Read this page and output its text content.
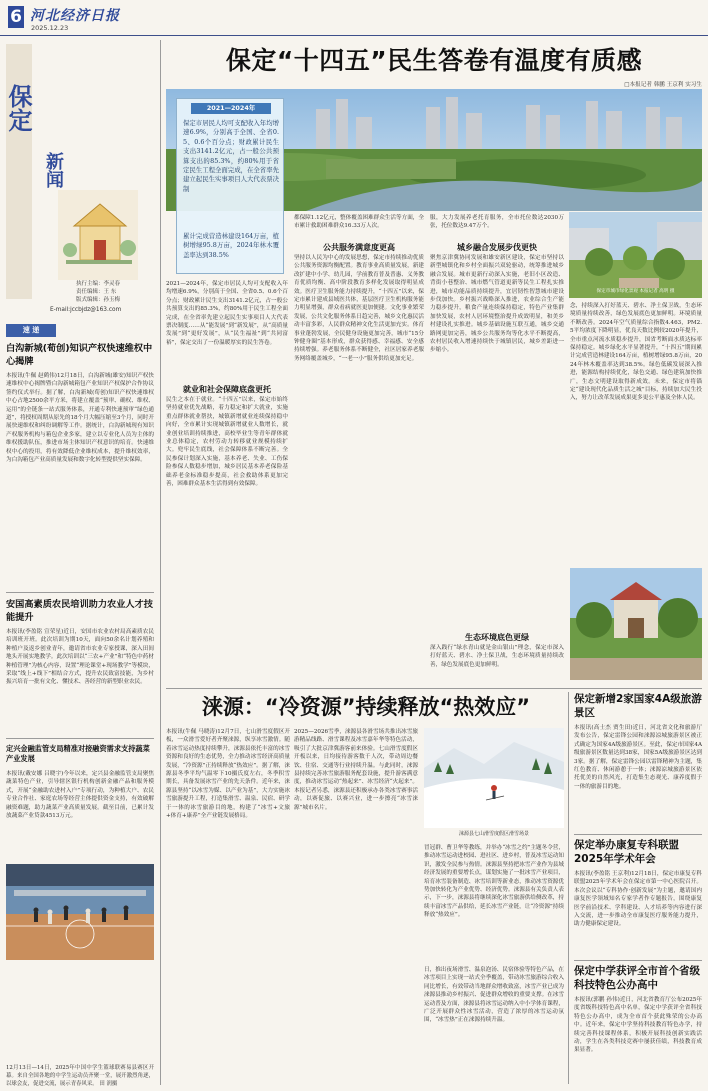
6 河北经济日报
2025.12.23
保定
新闻
执行主编：李灵春
责任编辑：王 东
版式编辑：孙玉梅
E-mail:jccbjdz@163.com
速 递
白沟新城(荀创)知识产权快速维权中心揭牌
本报讯(牛佩 赵鹤伟)12月18日，白沟新城(雄安)知识产权快速维权中心揭牌暨白沟新城箱包产业知识产权保护合作协议签约仪式举行。据了解，白沟新城(荀创)知识产权快速维权中心占地2500余平方米，将建立覆盖“预审、确权、维权、运用”的全链条一站式服务体系，开通专利快速预审“绿色通道”，将授权周期从原先的18个月大幅压缩至3个月，同时开展快速维权和纠纷调解等工作。据统计，白沟新城现有知识产权服务机构与箱包企业多家，建立以专业化人员为主体的维权援助队伍，推进市场主体知识产权意识的培育。快速维权中心的投用，将有效降低企业维权成本，提升维权效率，为白沟箱包产业高质量发展和数字化转型提供坚实保障。
安国高素质农民培训助力农业人才技能提升
本报讯(李盈铭 宣荣星)近日，安国市农业农村局高素质农民培训班开班。此次培训为期10天，面向50余名计划养殖和种植户及返乡创业青年，邀请省市农业专家授课，深入田间地头开展实地教学。此次培训以“三农+产业”和“特色中药材种植管理”为核心内容，设置“理论课堂+现场教学”等模块，采取“线上+线下”相结合方式，提升农民致富技能，为乡村振兴培育一批有文化、懂技术、善经营的新型职业农民。
定兴金融监管支局精准对接融资需求支持蔬菜产业发展
本报讯(戴安娜 吕晓宇)今年以来，定兴县金融监管支局聚焦蔬菜特色产业，引导辖区银行机构创新金融产品和服务模式，开展“金融助农进村入户”专项行动，为种植大户、农民专业合作社、家庭农场等经营主体提供资金支持，有效破解融资难题，助力蔬菜产业高质量发展。截至目前，已累计发放蔬菜产业贷款4513万元。
12月13日—14日，2025年中国中学生篮球联赛易县赛区开幕。来自全国各地的中学生运动员齐聚一堂，展开激烈角逐，以球会友，促进交流，展示青春风采。 田 润摄
保定“十四五”民生答卷有温度有质感
□本报记者 韩鹏 王京利 实习生
2021—2024年
保定市居民人均可支配收入年均增速6.9%，分别高于全国、全省0.5、0.6个百分点；财政累计民生支出3141.2亿元，占一般公共预算支出的85.3%，约80%用于省定民生工程全面完成，在全省率先建立起民生实事项目人大代表票决制
累计完成营造林建设164万亩，植树增绿95.8万亩，2024年林木覆盖率达到38.5%
保定市城市绿化景观 本报记者 高明 摄
2021—2024年，保定市居民人均可支配收入年均增速6.9%，分别高于全国、全省0.5、0.6个百分点；财政累计民生支出3141.2亿元，占一般公共预算支出的85.3%，约80%用于民生工程全面完成，在全省率先建立起民生实事项目人大代表票决制度……从“能发展”到“新发展”，从“高质量发展”到“更好发展”，从“民生福祉”到“共同富裕”，保定交出了一份温暖厚实的民生答卷。
就业和社会保障底盘更托
民生之本在于就业。“十四五”以来，保定市始终坚持就业优先战略，着力稳定和扩大就业，实施重点群体就业帮扶，城镇新增就业连续保持稳中向好，全市累计实现城镇新增就业人数增长，就业创业培训持续推进，高校毕业生等青年群体就业总体稳定，农村劳动力转移就业规模持续扩大。兜牢民生底线，社会保障体系不断完善。全民参保计划深入实施，基本养老、失业、工伤保险参保人数稳步增加，城乡居民基本养老保险基础养老金标准稳步提高，社会救助体系更加完善，困难群众基本生活得到有效保障。
都保障1.12亿元，整体覆盖困难群众生活等方面，全市累计救助困难群众16.33万人次。
公共服务满意度更高
坚持以人民为中心的发展思想，保定市持续推动优质公共服务资源均衡配置。教育事业高质量发展，新建改扩建中小学、幼儿园，学前教育普及普惠、义务教育优质均衡、高中阶段教育多样化发展取得明显成效。医疗卫生服务能力持续提升，“十四五”以来，保定市累计建成县域医共体，基层医疗卫生机构服务能力明显增强，群众看病就医更加便捷。文化事业繁荣发展，公共文化服务体系日趋完善，城乡文化惠民活动丰富多彩，人民群众精神文化生活更加充实。体育事业蓬勃发展，全民健身设施更加完善，城市“15分钟健身圈”基本形成，群众获得感、幸福感、安全感持续增强。养老服务体系不断健全，社区居家养老服务网络覆盖城乡，“一老一小”服务供给更加充足。
服，大力发展养老托育服务，全市托位数达2030万张，托位数达9.47万个。
城乡融合发展步伐更快
聚焦京津冀协同发展和雄安新区建设，保定市坚持以新型城镇化和乡村全面振兴双轮驱动，统筹推进城乡融合发展。城市更新行动深入实施，老旧小区改造、背街小巷整治、城市燃气管道更新等民生工程扎实推进，城市功能品质持续提升，宜居韧性智慧城市建设步伐加快。乡村振兴战略深入推进，农业综合生产能力稳步提升，粮食产量连续保持稳定，特色产业集群加快发展，农村人居环境整治提升成效明显，和美乡村建设扎实推进。城乡基础设施互联互通，城乡交通路网更加完善，城乡公共服务均等化水平不断提高，农村居民收入增速持续快于城镇居民，城乡差距进一步缩小。
生态环境底色更绿
深入践行“绿水青山就是金山银山”理念，保定市深入打好蓝天、碧水、净土保卫战，生态环境质量持续改善，绿色发展底色更加鲜明。
念，持续深入打好蓝天、碧水、净土保卫战，生态环境质量持续改善，绿色发展底色更加鲜明。环境质量不断改善。2024年空气质量综合指数4.463，PM2.5平均浓度下降明显，优良天数比例较2020年提升，全市重点河流水质稳步提升，国省考断面水质达标率保持稳定。城乡绿化水平显著提升，“十四五”期间累计完成营造林建设164万亩，植树增绿95.8万亩，2024年林木覆盖率达到38.5%。绿色低碳发展深入推进，能源结构持续优化，绿色交通、绿色建筑加快推广，生态文明建设取得新成效。未来，保定市将锚定“建设现代化品质生活之城”目标，持续加大民生投入，努力让改革发展成果更多更公平惠及全体人民。
涞源：“冷资源”持续释放“热效应”
本报讯(牛佩 马晓涛)12月7日，七山滑雪度假区开板，一众滑雪爱好者齐聚涞源，纵享冰雪激情。随着冰雪运动热度持续攀升，涞源县依托丰富的冰雪资源和良好的生态优势，全力推动冰雪经济高质量发展，“冷资源”正持续释放“热效应”。据了解，涞源县冬季平均气温零下10摄氏度左右，冬季积雪期长，具备发展冰雪产业的先天条件。近年来，涞源县坚持“以冰雪为媒、以产业为基”，大力实施冰雪旅游提升工程，打造集滑雪、温泉、民宿、研学于一体的冰雪旅游目的地，构建了“冰雪+文旅+体育+康养”全产业链发展格局。
2025—2026雪季，涞源县各滑雪场共推出冰雪旅游精品线路、滑雪课程及冰雪嘉年华等特色活动，吸引了大批京津冀游客前来体验。七山滑雪度假区开板以来，日均接待游客数千人次，带动周边餐饮、住宿、交通等行业持续升温。与此同时，涞源县持续完善冰雪旅游服务配套设施，提升游客满意度，推动冰雪运动“热起来”、冰雪经济“火起来”。本报记者另悉，涞源县还积极承办各类冰雪赛事活动，以赛促旅、以赛兴业，进一步擦亮“冰雪涞源”城市名片。
涞源县七山滑雪度假区滑雪场景
冒冠群、曹卫华等教练，并举办“冰雪之约”主题冬令营，推动冰雪运动进校园、进社区、进乡村，普及冰雪运动知识，激发全民参与热情。涞源县坚持把冰雪产业作为县域经济发展的重要增长点，谋划实施了一批冰雪产业项目，培育冰雪装备制造、冰雪培训等新业态，推动冰雪资源优势加快转化为产业优势、经济优势。涞源县有关负责人表示，下一步，涞源县将继续深化冰雪旅游供给侧改革，持续丰富冰雪产品供给，延长冰雪产业链，让“冷资源”持续释放“热效应”。
日，推出夜场滑雪、温泉泡汤、民宿体验等特色产品，在冰雪项目上实现一站式全季覆盖，带动冰雪旅游综合收入同比增长，有效带动当地群众增收致富，冰雪产业已成为涞源县推动乡村振兴、促进群众增收的重要支撑。在冰雪运动普及方面，涞源县将冰雪运动纳入中小学体育课程，广泛开展群众性冰雪活动，营造了浓厚的冰雪运动氛围，“冰雪热”正在涞源持续升温。
保定新增2家国家4A级旅游景区
本报讯(高士杰 贾生田)近日，河北省文化和旅游厅发布公告，保定雷锋公园和涞源凉城旅游景区被正式确定为国家4A级旅游景区。至此，保定市国家4A级旅游景区数量达到38家，国家5A级旅游景区达到3家。据了解，保定雷锋公园以雷锋精神为主题，集红色教育、休闲游憩于一体；涞源凉城旅游景区依托优美的自然风光，打造集生态观光、康养度假于一体的旅游目的地。
保定举办康复专科联盟2025年学术年会
本报讯(李盈铭 王京利)12月18日，保定市康复专科联盟2025年学术年会在保定市第一中心医院召开。本次会议以“专科协作·创新发展”为主题，邀请国内康复医学领域知名专家学者作专题报告，围绕康复医学前沿技术、学科建设、人才培养等内容进行深入交流，进一步推动全市康复医疗服务能力提升，助力健康保定建设。
保定中学获评全市首个省级科技特色公办高中
本报讯(郭鹏 孙伟)近日，河北省教育厅公布2025年度省级科技特色高中名单，保定中学获评全省科技特色公办高中，成为全市首个获此殊荣的公办高中。近年来，保定中学坚持科技教育特色办学，持续完善科技课程体系，积极开展科技创新实践活动，学生在各类科技竞赛中屡获佳绩，科技教育成果显著。
